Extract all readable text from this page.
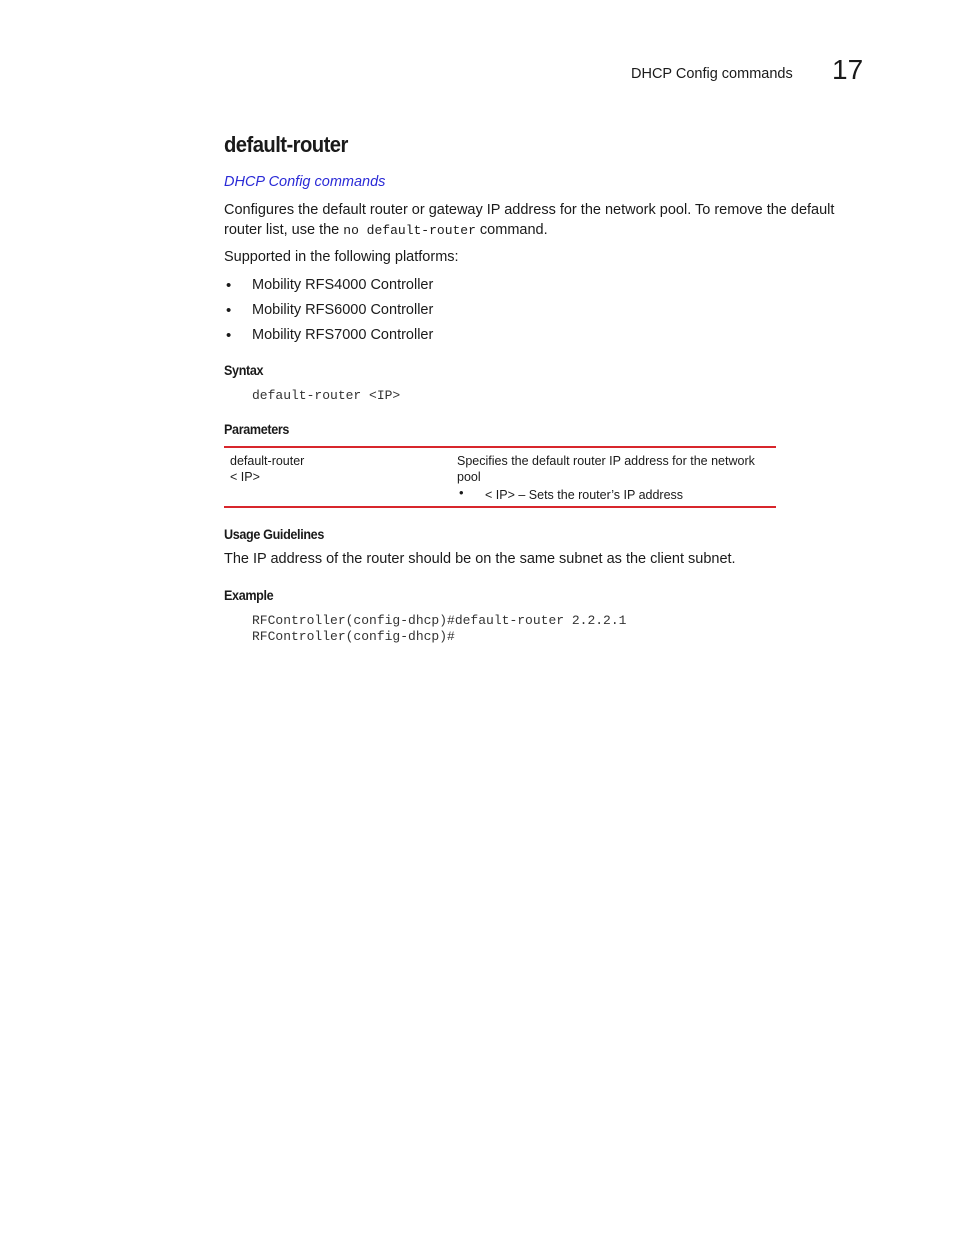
DHCP Config commands 17
default-router
DHCP Config commands

Configures the default router or gateway IP address for the network pool. To remove the default router list, use the no default-router command.

Supported in the following platforms:

• Mobility RFS4000 Controller
• Mobility RFS6000 Controller
• Mobility RFS7000 Controller
Syntax
default-router <IP>
Parameters
default-router
< IP>
Specifies the default router IP address for the network pool
• < IP> – Sets the router’s IP address
Usage Guidelines

The IP address of the router should be on the same subnet as the client subnet.

Example
RFController(config-dhcp)#default-router 2.2.2.1
RFController(config-dhcp)#
